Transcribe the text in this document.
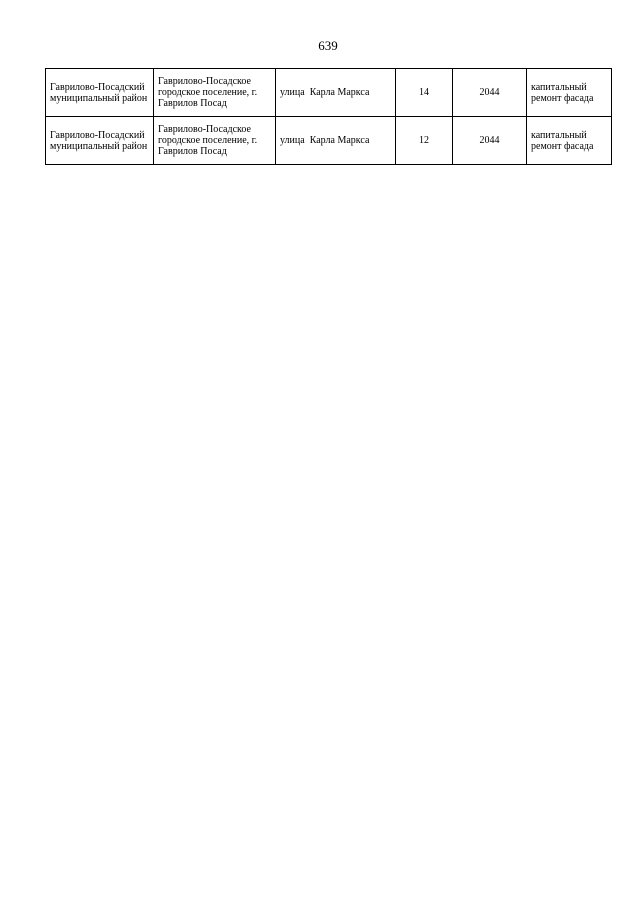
639
Гаврилово-Посадский муниципальный район	Гаврилово-Посадское городское поселение, г. Гаврилов Посад	улица  Карла Маркса	14	2044	капитальный ремонт фасада
Гаврилово-Посадский муниципальный район	Гаврилово-Посадское городское поселение, г. Гаврилов Посад	улица  Карла Маркса	12	2044	капитальный ремонт фасада
